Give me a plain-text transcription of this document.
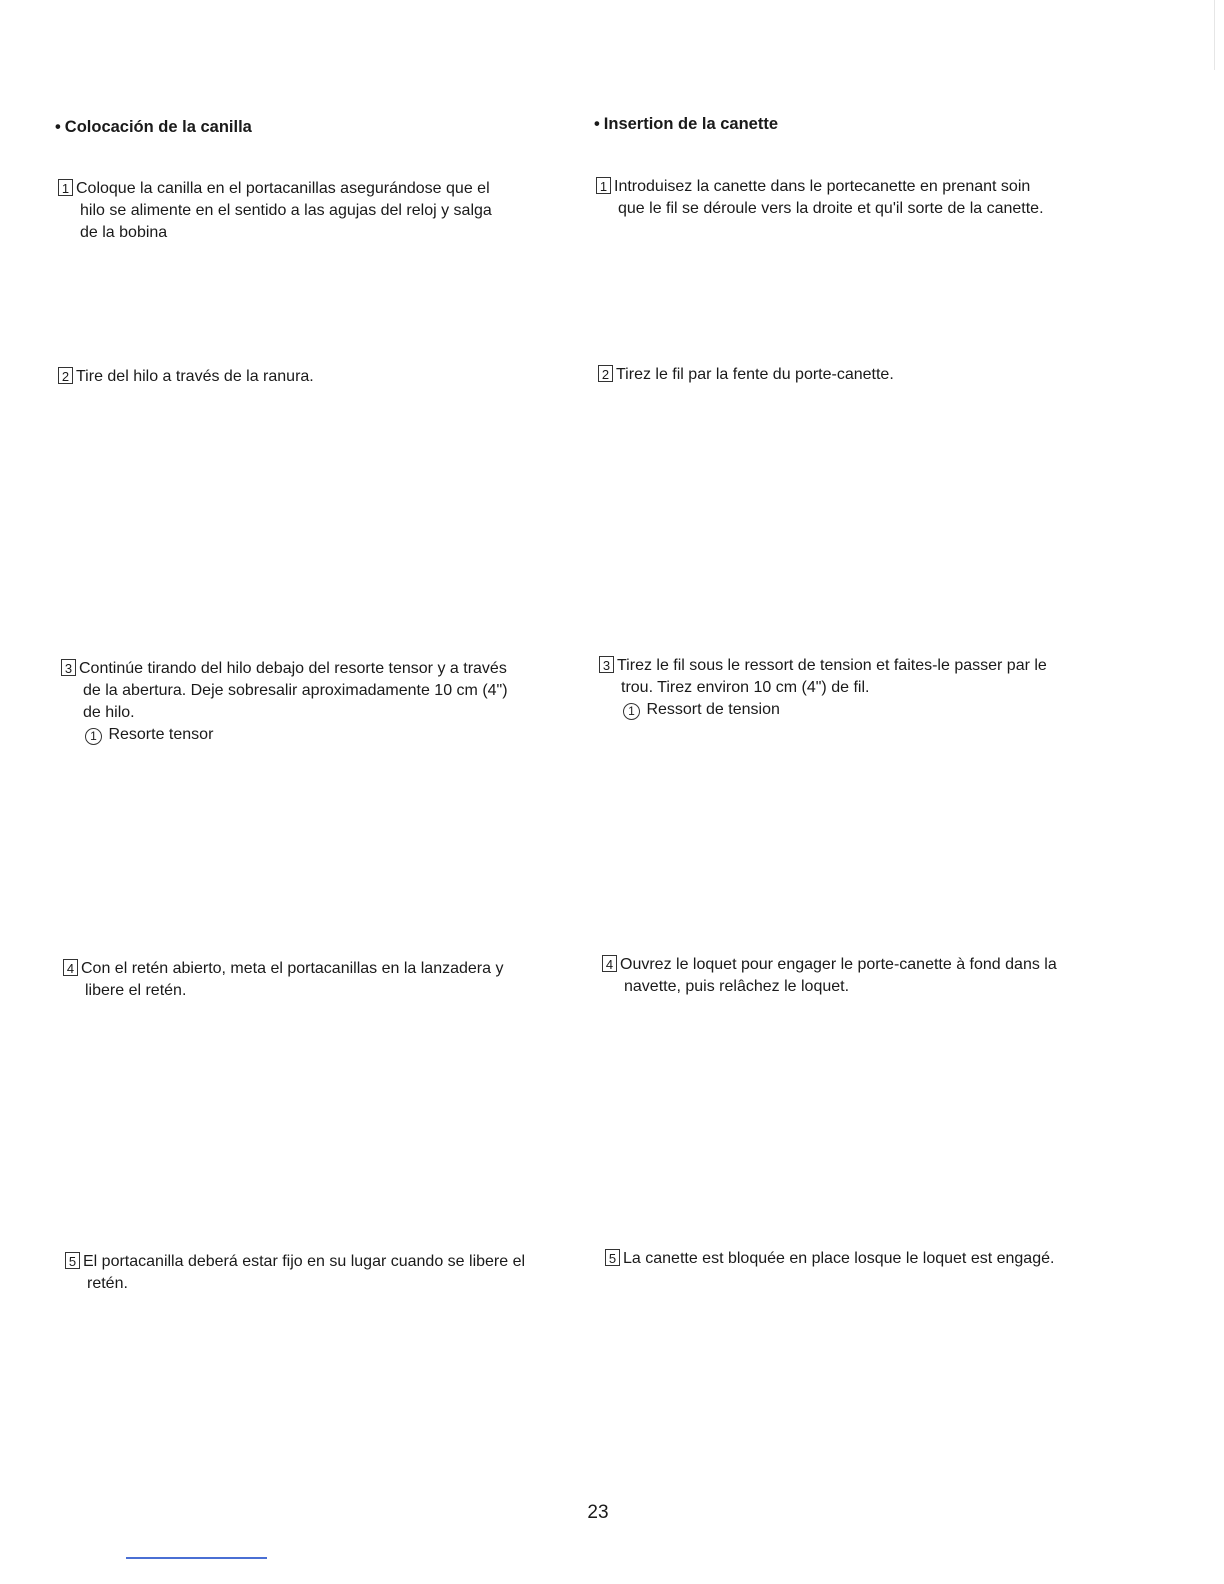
• Colocación de la canilla
1 Coloque la canilla en el portacanillas asegurándose que el
hilo se alimente en el sentido a las agujas del reloj y salga
de la bobina
2 Tire del hilo a través de la ranura.
3 Continúe tirando del hilo debajo del resorte tensor y a través
de la abertura. Deje sobresalir aproximadamente 10 cm (4")
de hilo.
1 Resorte tensor
4 Con el retén abierto, meta el portacanillas en la lanzadera y
libere el retén.
5 El portacanilla deberá estar fijo en su lugar cuando se libere el
retén.
• Insertion de la canette
1 Introduisez la canette dans le portecanette en prenant soin
que le fil se déroule vers la droite et qu'il sorte de la canette.
2 Tirez le fil par la fente du porte-canette.
3 Tirez le fil sous le ressort de tension et faites-le passer par le
trou. Tirez environ 10 cm (4") de fil.
1 Ressort de tension
4 Ouvrez le loquet pour engager le porte-canette à fond dans la
navette, puis relâchez le loquet.
5 La canette est bloquée en place losque le loquet est engagé.
23
